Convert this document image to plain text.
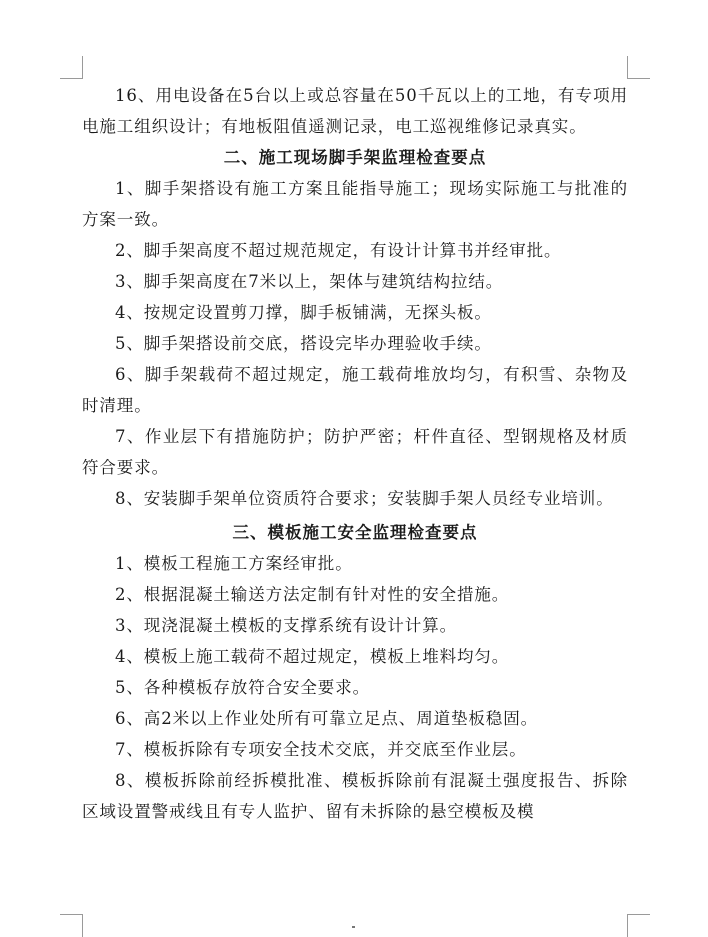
16、用电设备在5台以上或总容量在50千瓦以上的工地，有专项用电施工组织设计；有地板阻值遥测记录，电工巡视维修记录真实。

二、施工现场脚手架监理检查要点

1、脚手架搭设有施工方案且能指导施工；现场实际施工与批准的方案一致。

2、脚手架高度不超过规范规定，有设计计算书并经审批。

3、脚手架高度在7米以上，架体与建筑结构拉结。

4、按规定设置剪刀撑，脚手板铺满，无探头板。

5、脚手架搭设前交底，搭设完毕办理验收手续。

6、脚手架载荷不超过规定，施工载荷堆放均匀，有积雪、杂物及时清理。

7、作业层下有措施防护；防护严密；杆件直径、型钢规格及材质符合要求。

8、安装脚手架单位资质符合要求；安装脚手架人员经专业培训。

三、模板施工安全监理检查要点

1、模板工程施工方案经审批。

2、根据混凝土输送方法定制有针对性的安全措施。

3、现浇混凝土模板的支撑系统有设计计算。

4、模板上施工载荷不超过规定，模板上堆料均匀。

5、各种模板存放符合安全要求。

6、高2米以上作业处所有可靠立足点、周道垫板稳固。

7、模板拆除有专项安全技术交底，并交底至作业层。

8、模板拆除前经拆模批准、模板拆除前有混凝土强度报告、拆除区域设置警戒线且有专人监护、留有未拆除的悬空模板及模
